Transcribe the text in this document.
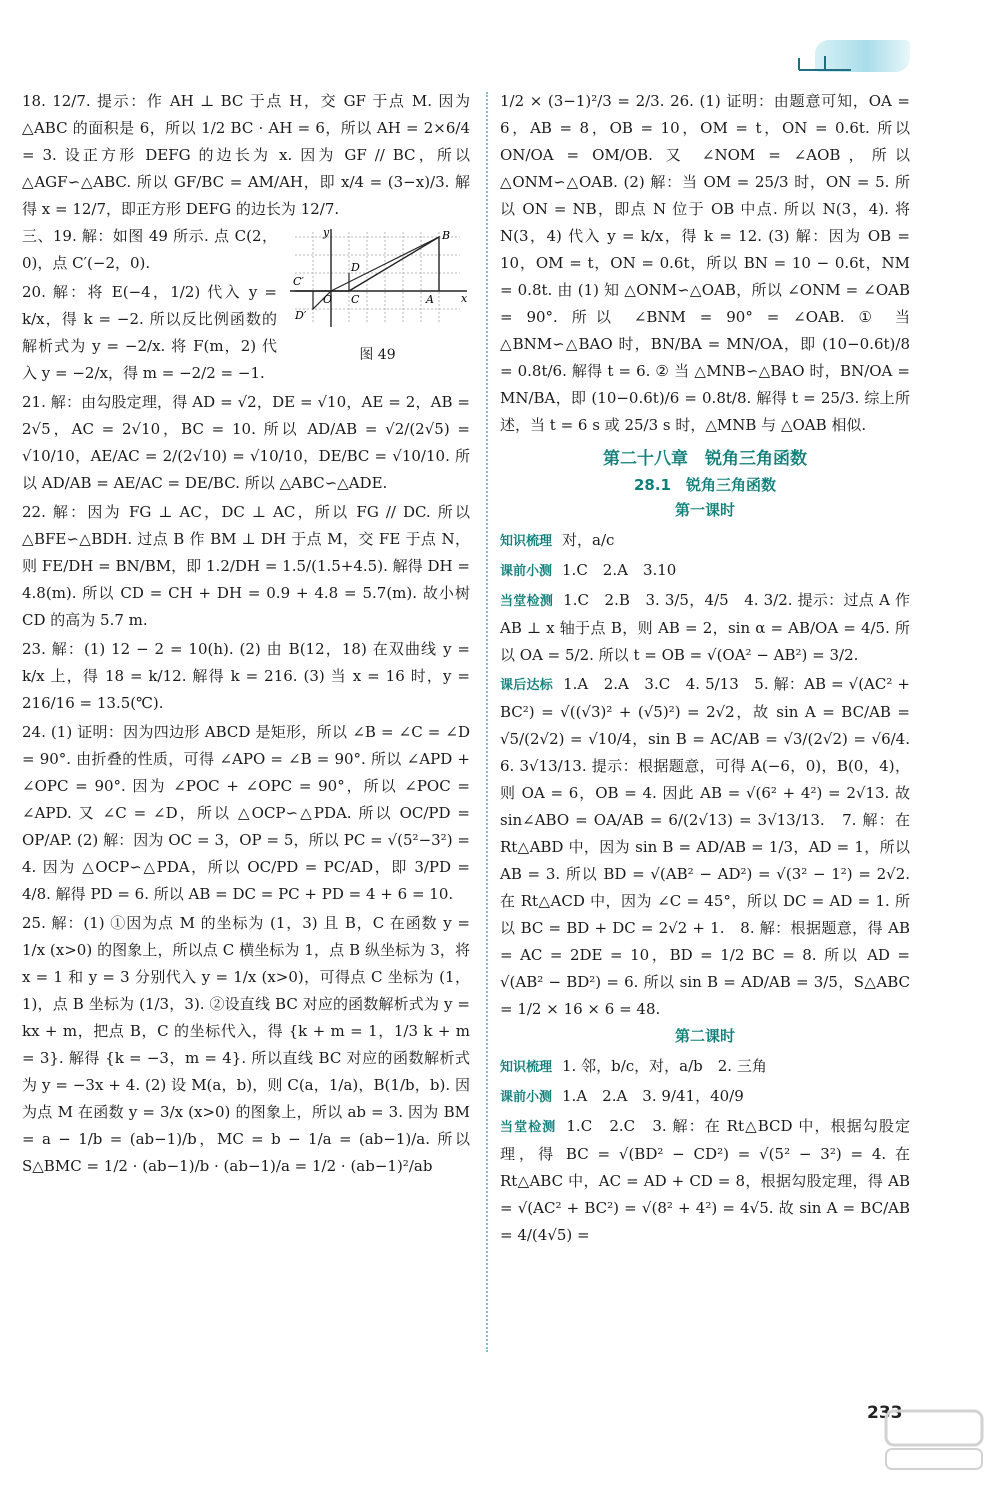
18. 12/7. 提示：作 AH ⊥ BC 于点 H，交 GF 于点 M. 因为 △ABC 的面积是 6，所以 1/2 BC · AH = 6，所以 AH = 2×6/4 = 3. 设正方形 DEFG 的边长为 x. 因为 GF // BC，所以 △AGF∽△ABC. 所以 GF/BC = AM/AH，即 x/4 = (3−x)/3. 解得 x = 12/7，即正方形 DEFG 的边长为 12/7.

y
x
O
B
D
C	A
C′
D′
图 49

三、19. 解：如图 49 所示. 点 C(2，0)，点 C′(−2，0).

20. 解：将 E(−4，1/2) 代入 y = k/x，得 k = −2. 所以反比例函数的解析式为 y = −2/x. 将 F(m，2) 代入 y = −2/x，得 m = −2/2 = −1.

21. 解：由勾股定理，得 AD = √2，DE = √10，AE = 2，AB = 2√5，AC = 2√10，BC = 10. 所以 AD/AB = √2/(2√5) = √10/10，AE/AC = 2/(2√10) = √10/10，DE/BC = √10/10. 所以 AD/AB = AE/AC = DE/BC. 所以 △ABC∽△ADE.

22. 解：因为 FG ⊥ AC，DC ⊥ AC，所以 FG // DC. 所以 △BFE∽△BDH. 过点 B 作 BM ⊥ DH 于点 M，交 FE 于点 N，则 FE/DH = BN/BM，即 1.2/DH = 1.5/(1.5+4.5). 解得 DH = 4.8(m). 所以 CD = CH + DH = 0.9 + 4.8 = 5.7(m). 故小树 CD 的高为 5.7 m.

23. 解：(1) 12 − 2 = 10(h). (2) 由 B(12，18) 在双曲线 y = k/x 上，得 18 = k/12. 解得 k = 216. (3) 当 x = 16 时，y = 216/16 = 13.5(℃).

24. (1) 证明：因为四边形 ABCD 是矩形，所以 ∠B = ∠C = ∠D = 90°. 由折叠的性质，可得 ∠APO = ∠B = 90°. 所以 ∠APD + ∠OPC = 90°. 因为 ∠POC + ∠OPC = 90°，所以 ∠POC = ∠APD. 又 ∠C = ∠D，所以 △OCP∽△PDA. 所以 OC/PD = OP/AP. (2) 解：因为 OC = 3，OP = 5，所以 PC = √(5²−3²) = 4. 因为 △OCP∽△PDA，所以 OC/PD = PC/AD，即 3/PD = 4/8. 解得 PD = 6. 所以 AB = DC = PC + PD = 4 + 6 = 10.

25. 解：(1) ①因为点 M 的坐标为 (1，3) 且 B，C 在函数 y = 1/x (x>0) 的图象上，所以点 C 横坐标为 1，点 B 纵坐标为 3，将 x = 1 和 y = 3 分别代入 y = 1/x (x>0)，可得点 C 坐标为 (1，1)，点 B 坐标为 (1/3，3). ②设直线 BC 对应的函数解析式为 y = kx + m，把点 B，C 的坐标代入，得 {k + m = 1，1/3 k + m = 3}. 解得 {k = −3，m = 4}. 所以直线 BC 对应的函数解析式为 y = −3x + 4. (2) 设 M(a，b)，则 C(a，1/a)，B(1/b，b). 因为点 M 在函数 y = 3/x (x>0) 的图象上，所以 ab = 3. 因为 BM = a − 1/b = (ab−1)/b，MC = b − 1/a = (ab−1)/a. 所以 S△BMC = 1/2 · (ab−1)/b · (ab−1)/a = 1/2 · (ab−1)²/ab

1/2 × (3−1)²/3 = 2/3. 26. (1) 证明：由题意可知，OA = 6，AB = 8，OB = 10，OM = t，ON = 0.6t. 所以 ON/OA = OM/OB. 又 ∠NOM = ∠AOB，所以 △ONM∽△OAB. (2) 解：当 OM = 25/3 时，ON = 5. 所以 ON = NB，即点 N 位于 OB 中点. 所以 N(3，4). 将 N(3，4) 代入 y = k/x，得 k = 12. (3) 解：因为 OB = 10，OM = t，ON = 0.6t，所以 BN = 10 − 0.6t，NM = 0.8t. 由 (1) 知 △ONM∽△OAB，所以 ∠ONM = ∠OAB = 90°. 所以 ∠BNM = 90° = ∠OAB. ① 当 △BNM∽△BAO 时，BN/BA = MN/OA，即 (10−0.6t)/8 = 0.8t/6. 解得 t = 6. ② 当 △MNB∽△BAO 时，BN/OA = MN/BA，即 (10−0.6t)/6 = 0.8t/8. 解得 t = 25/3. 综上所述，当 t = 6 s 或 25/3 s 时，△MNB 与 △OAB 相似.

第二十八章　锐角三角函数
28.1　锐角三角函数
第一课时
知识梳理 对，a/c
课前小测 1.C　2.A　3.10
当堂检测 1.C　2.B　3. 3/5，4/5　4. 3/2. 提示：过点 A 作 AB ⊥ x 轴于点 B，则 AB = 2，sin α = AB/OA = 4/5. 所以 OA = 5/2. 所以 t = OB = √(OA² − AB²) = 3/2.
课后达标 1.A　2.A　3.C　4. 5/13　5. 解：AB = √(AC² + BC²) = √((√3)² + (√5)²) = 2√2，故 sin A = BC/AB = √5/(2√2) = √10/4，sin B = AC/AB = √3/(2√2) = √6/4.　6. 3√13/13. 提示：根据题意，可得 A(−6，0)，B(0，4)，则 OA = 6，OB = 4. 因此 AB = √(6² + 4²) = 2√13. 故 sin∠ABO = OA/AB = 6/(2√13) = 3√13/13.　7. 解：在 Rt△ABD 中，因为 sin B = AD/AB = 1/3，AD = 1，所以 AB = 3. 所以 BD = √(AB² − AD²) = √(3² − 1²) = 2√2. 在 Rt△ACD 中，因为 ∠C = 45°，所以 DC = AD = 1. 所以 BC = BD + DC = 2√2 + 1.　8. 解：根据题意，得 AB = AC = 2DE = 10，BD = 1/2 BC = 8. 所以 AD = √(AB² − BD²) = 6. 所以 sin B = AD/AB = 3/5，S△ABC = 1/2 × 16 × 6 = 48.
第二课时
知识梳理 1. 邻，b/c，对，a/b　2. 三角
课前小测 1.A　2.A　3. 9/41，40/9
当堂检测 1.C　2.C　3. 解：在 Rt△BCD 中，根据勾股定理，得 BC = √(BD² − CD²) = √(5² − 3²) = 4. 在 Rt△ABC 中，AC = AD + CD = 8，根据勾股定理，得 AB = √(AC² + BC²) = √(8² + 4²) = 4√5. 故 sin A = BC/AB = 4/(4√5) =
233
